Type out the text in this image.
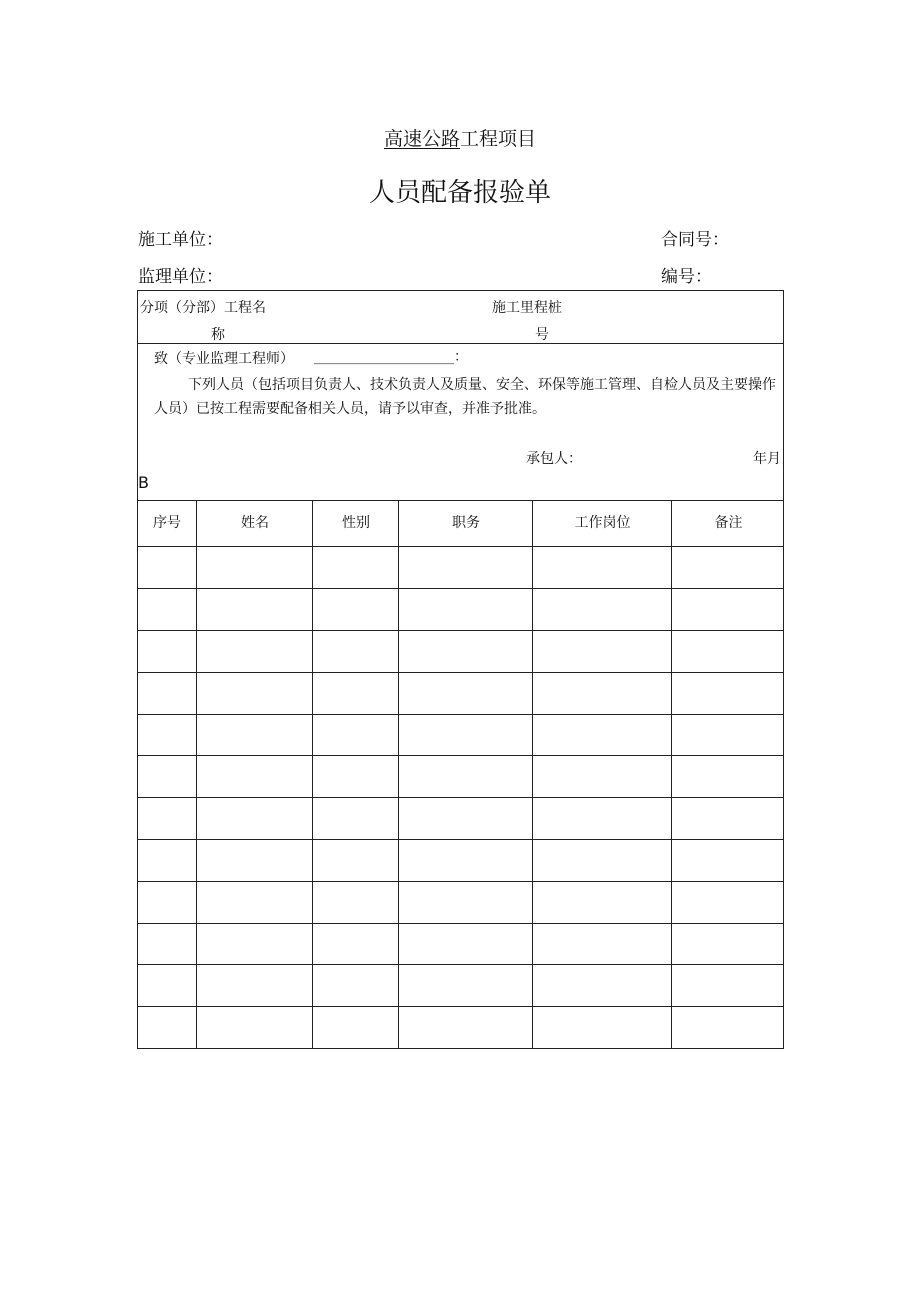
高速公路工程项目
人员配备报验单
施工单位：	合同号：
监理单位：	编号：
分项（分部）工程名
称
施工里程桩
号
致（专业监理工程师） ____________________：
下列人员（包括项目负责人、技术负责人及质量、安全、环保等施工管理、自检人员及主要操作人员）已按工程需要配备相关人员，请予以审查，并准予批准。
承包人：	年月
B
序号	姓名	性别	职务	工作岗位	备注
